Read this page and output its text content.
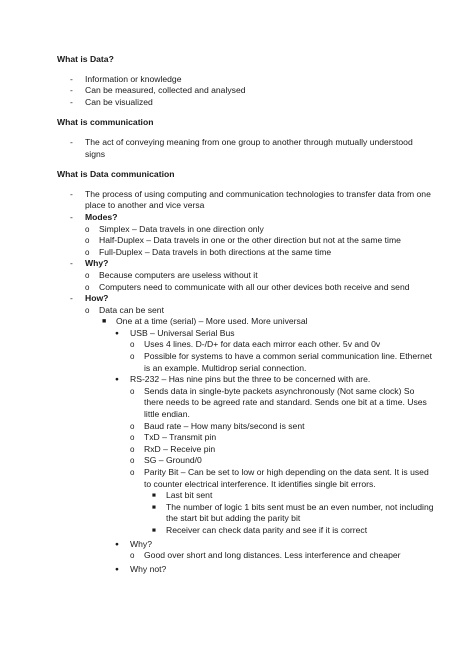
What is Data?
-	Information or knowledge
-	Can be measured, collected and analysed
-	Can be visualized
What is communication
-	The act of conveying meaning from one group to another through mutually understood signs
What is Data communication
-	The process of using computing and communication technologies to transfer data from one place to another and vice versa
-	Modes?
o	Simplex – Data travels in one direction only
o	Half-Duplex – Data travels in one or the other direction but not at the same time
o	Full-Duplex – Data travels in both directions at the same time
-	Why?
o	Because computers are useless without it
o	Computers need to communicate with all our other devices both receive and send
-	How?
o	Data can be sent
■	One at a time (serial) – More used. More universal
●	USB – Universal Serial Bus
o	Uses 4 lines. D-/D+ for data each mirror each other. 5v and 0v
o	Possible for systems to have a common serial communication line. Ethernet is an example. Multidrop serial connection.
●	RS-232 – Has nine pins but the three to be concerned with are.
o	Sends data in single-byte packets asynchronously (Not same clock) So there needs to be agreed rate and standard. Sends one bit at a time. Uses little endian.
o	Baud rate – How many bits/second is sent
o	TxD – Transmit pin
o	RxD – Receive pin
o	SG – Ground/0
o	Parity Bit – Can be set to low or high depending on the data sent. It is used to counter electrical interference. It identifies single bit errors.
■	Last bit sent
■	The number of logic 1 bits sent must be an even number, not including the start bit but adding the parity bit
■	Receiver can check data parity and see if it is correct
●	Why?
o	Good over short and long distances. Less interference and cheaper
●	Why not?
